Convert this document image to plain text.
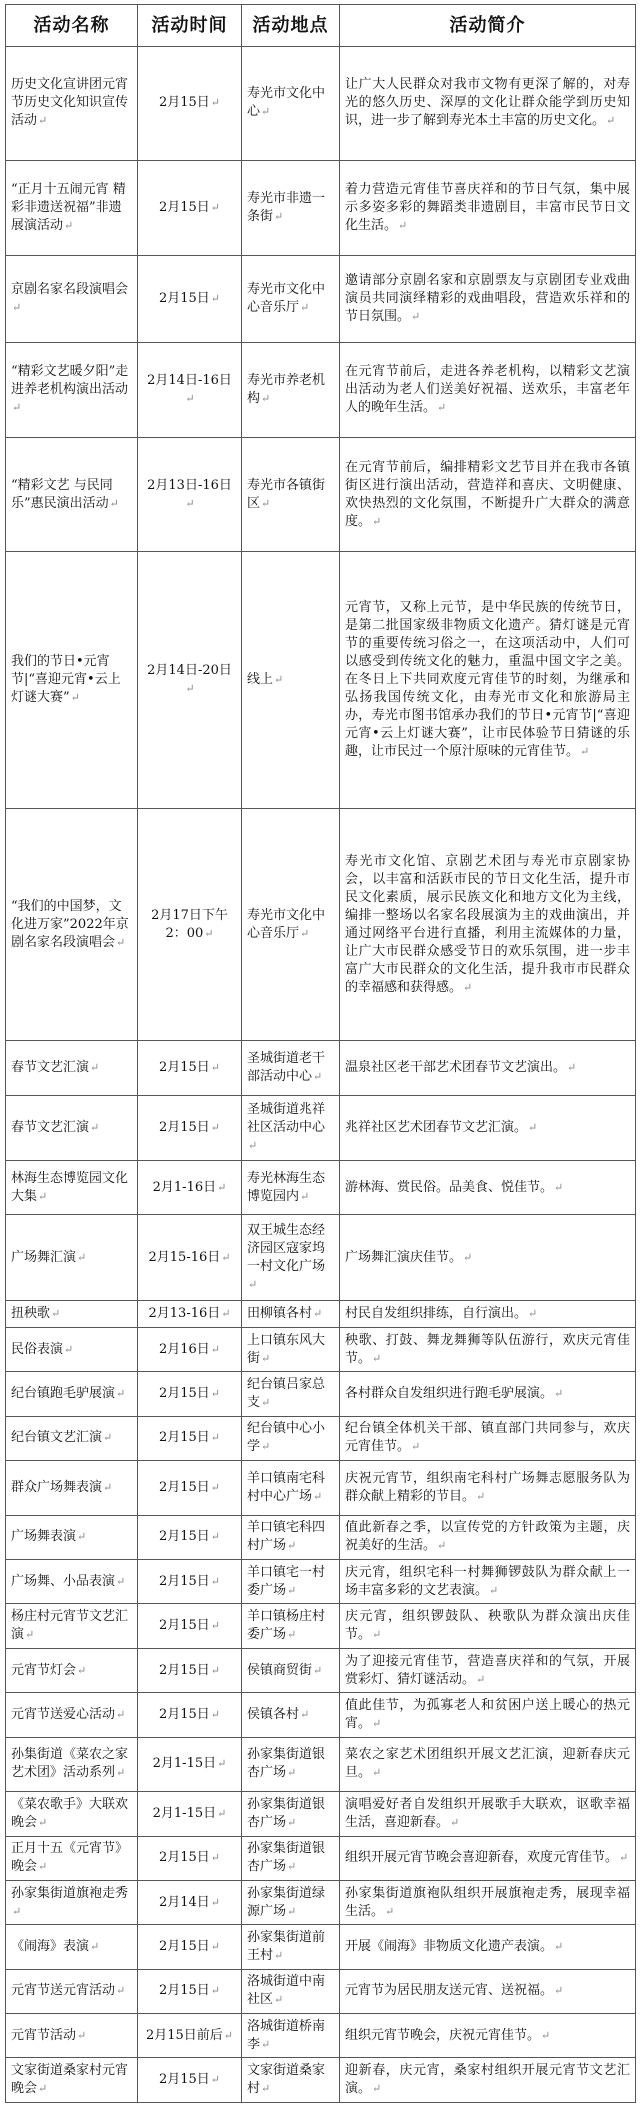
活动名称	活动时间	活动地点	活动简介
历史文化宣讲团元宵节历史文化知识宣传活动↵	2月15日↵	寿光市文化中心↵	让广大人民群众对我市文物有更深了解的，对寿光的悠久历史、深厚的文化让群众能学到历史知识，进一步了解到寿光本土丰富的历史文化。↵
“正月十五闹元宵 精彩非遗送祝福”非遗展演活动↵	2月15日↵	寿光市非遗一条街↵	着力营造元宵佳节喜庆祥和的节日气氛，集中展示多姿多彩的舞蹈类非遗剧目，丰富市民节日文化生活。↵
京剧名家名段演唱会↵	2月15日↵	寿光市文化中心音乐厅↵	邀请部分京剧名家和京剧票友与京剧团专业戏曲演员共同演绎精彩的戏曲唱段，营造欢乐祥和的节日氛围。↵
“精彩文艺暖夕阳”走进养老机构演出活动↵	2月14日-16日↵	寿光市养老机构↵	在元宵节前后，走进各养老机构，以精彩文艺演出活动为老人们送美好祝福、送欢乐，丰富老年人的晚年生活。↵
“精彩文艺 与民同乐”惠民演出活动↵	2月13日-16日↵	寿光市各镇街区↵	在元宵节前后，编排精彩文艺节目并在我市各镇街区进行演出活动，营造祥和喜庆、文明健康、欢快热烈的文化氛围，不断提升广大群众的满意度。↵
我们的节日•元宵节|“喜迎元宵•云上灯谜大赛”↵	2月14日-20日↵	线上↵	元宵节，又称上元节，是中华民族的传统节日，是第二批国家级非物质文化遗产。猜灯谜是元宵节的重要传统习俗之一，在这项活动中，人们可以感受到传统文化的魅力，重温中国文字之美。在冬日上下共同欢度元宵佳节的时刻，为继承和弘扬我国传统文化，由寿光市文化和旅游局主办，寿光市图书馆承办我们的节日•元宵节|“喜迎元宵•云上灯谜大赛”，让市民体验节日猜谜的乐趣，让市民过一个原汁原味的元宵佳节。↵
“我们的中国梦，文化进万家”2022年京剧名家名段演唱会↵	2月17日下午2：00↵	寿光市文化中心音乐厅↵	寿光市文化馆、京剧艺术团与寿光市京剧家协会，以丰富和活跃市民的节日文化生活，提升市民文化素质，展示民族文化和地方文化为主线，编排一整场以名家名段展演为主的戏曲演出，并通过网络平台进行直播，利用主流媒体的力量，让广大市民群众感受节日的欢乐氛围，进一步丰富广大市民群众的文化生活，提升我市市民群众的幸福感和获得感。↵
春节文艺汇演↵	2月15日↵	圣城街道老干部活动中心↵	温泉社区老干部艺术团春节文艺演出。↵
春节文艺汇演↵	2月15日↵	圣城街道兆祥社区活动中心↵	兆祥社区艺术团春节文艺汇演。↵
林海生态博览园文化大集↵	2月1-16日↵	寿光林海生态博览园内↵	游林海、赏民俗。品美食、悦佳节。↵
广场舞汇演↵	2月15-16日↵	双王城生态经济园区寇家坞一村文化广场↵	广场舞汇演庆佳节。↵
扭秧歌↵	2月13-16日↵	田柳镇各村↵	村民自发组织排练，自行演出。↵
民俗表演↵	2月16日↵	上口镇东风大街↵	秧歌、打鼓、舞龙舞狮等队伍游行，欢庆元宵佳节。↵
纪台镇跑毛驴展演↵	2月15日↵	纪台镇吕家总支↵	各村群众自发组织进行跑毛驴展演。↵
纪台镇文艺汇演↵	2月15日↵	纪台镇中心小学↵	纪台镇全体机关干部、镇直部门共同参与，欢庆元宵佳节。↵
群众广场舞表演↵	2月15日↵	羊口镇南宅科村中心广场↵	庆祝元宵节，组织南宅科村广场舞志愿服务队为群众献上精彩的节目。↵
广场舞表演↵	2月15日↵	羊口镇宅科四村广场↵	值此新春之季，以宣传党的方针政策为主题，庆祝美好的生活。↵
广场舞、小品表演↵	2月15日↵	羊口镇宅一村委广场↵	庆元宵，组织宅科一村舞狮锣鼓队为群众献上一场丰富多彩的文艺表演。↵
杨庄村元宵节文艺汇演↵	2月15日↵	羊口镇杨庄村委广场↵	庆元宵，组织锣鼓队、秧歌队为群众演出庆佳节。↵
元宵节灯会↵	2月15日↵	侯镇商贸街↵	为了迎接元宵佳节，营造喜庆祥和的气氛，开展赏彩灯、猜灯谜活动。↵
元宵节送爱心活动↵	2月15日↵	侯镇各村↵	值此佳节，为孤寡老人和贫困户送上暖心的热元宵。↵
孙集街道《菜农之家艺术团》活动系列↵	2月1-15日↵	孙家集街道银杏广场↵	菜农之家艺术团组织开展文艺汇演，迎新春庆元旦。↵
《菜农歌手》大联欢晚会↵	2月1-15日↵	孙家集街道银杏广场↵	演唱爱好者自发组织开展歌手大联欢，讴歌幸福生活，喜迎新春。↵
正月十五《元宵节》晚会↵	2月15日↵	孙家集街道银杏广场↵	组织开展元宵节晚会喜迎新春，欢度元宵佳节。↵
孙家集街道旗袍走秀↵	2月14日↵	孙家集街道绿源广场↵	孙家集街道旗袍队组织开展旗袍走秀，展现幸福生活。↵
《闹海》表演↵	2月15日↵	孙家集街道前王村↵	开展《闹海》非物质文化遗产表演。↵
元宵节送元宵活动↵	2月15日↵	洛城街道中南社区↵	元宵节为居民朋友送元宵、送祝福。↵
元宵节活动↵	2月15日前后↵	洛城街道桥南李↵	组织元宵节晚会，庆祝元宵佳节。↵
文家街道桑家村元宵晚会↵	2月15日↵	文家街道桑家村↵	迎新春，庆元宵，桑家村组织开展元宵节文艺汇演。↵
